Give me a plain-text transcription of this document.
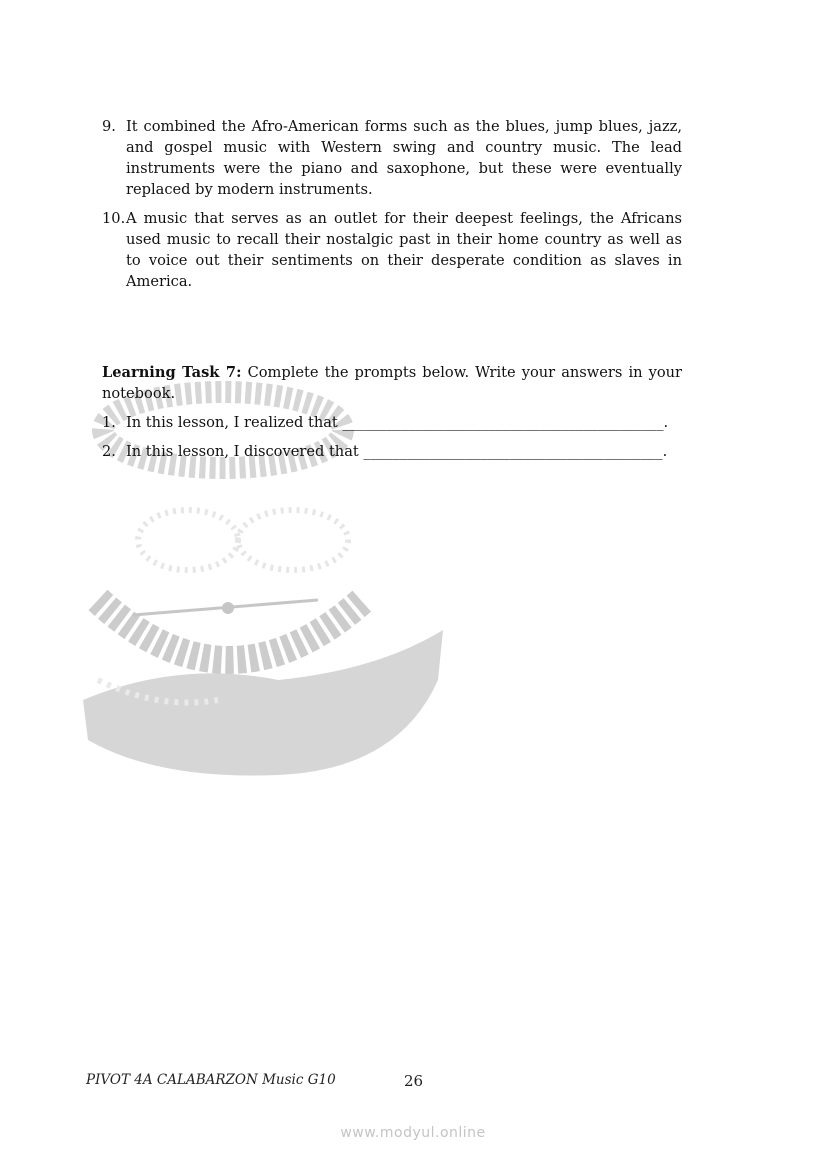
9. It combined the Afro-American forms such as the blues, jump blues, jazz, and gospel music with Western swing and country music. The lead instruments were the piano and saxophone, but these were eventually replaced by modern instruments.
10. A music that serves as an outlet for their deepest feelings, the Africans used music to recall their nostalgic past in their home country as well as to voice out their sentiments on their desperate condition as slaves in America.
Learning Task 7: Complete the prompts below. Write your answers in your notebook.
1. In this lesson, I realized that ____________________________________________.
2. In this lesson, I discovered that _________________________________________.
PIVOT 4A CALABARZON Music G10	26
www.modyul.online
